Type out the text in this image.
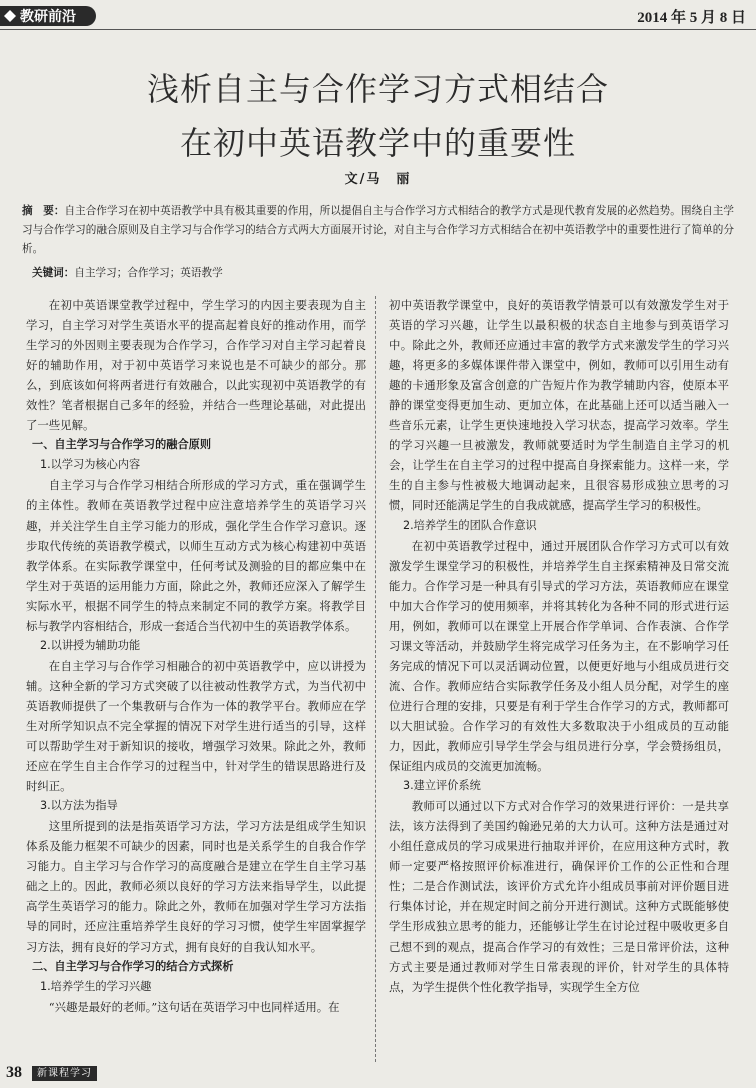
教研前沿	2014 年 5 月 8 日
浅析自主与合作学习方式相结合
在初中英语教学中的重要性
文/马　丽
摘　要：自主合作学习在初中英语教学中具有极其重要的作用，所以提倡自主与合作学习方式相结合的教学方式是现代教育发展的必然趋势。围绕自主学习与合作学习的融合原则及自主学习与合作学习的结合方式两大方面展开讨论，对自主与合作学习方式相结合在初中英语教学中的重要性进行了简单的分析。
关键词：自主学习；合作学习；英语教学

在初中英语课堂教学过程中，学生学习的内因主要表现为自主学习，自主学习对学生英语水平的提高起着良好的推动作用，而学生学习的外因则主要表现为合作学习，合作学习对自主学习起着良好的辅助作用，对于初中英语学习来说也是不可缺少的部分。那么，到底该如何将两者进行有效融合，以此实现初中英语教学的有效性？笔者根据自己多年的经验，并结合一些理论基础，对此提出了一些见解。

一、自主学习与合作学习的融合原则
1.以学习为核心内容

自主学习与合作学习相结合所形成的学习方式，重在强调学生的主体性。教师在英语教学过程中应注意培养学生的英语学习兴趣，并关注学生自主学习能力的形成，强化学生合作学习意识。逐步取代传统的英语教学模式，以师生互动方式为核心构建初中英语教学体系。在实际教学课堂中，任何考试及测验的目的都应集中在学生对于英语的运用能力方面，除此之外，教师还应深入了解学生实际水平，根据不同学生的特点来制定不同的教学方案。将教学目标与教学内容相结合，形成一套适合当代初中生的英语教学体系。

2.以讲授为辅助功能

在自主学习与合作学习相融合的初中英语教学中，应以讲授为辅。这种全新的学习方式突破了以往被动性教学方式，为当代初中英语教师提供了一个集教研与合作为一体的教学平台。教师应在学生对所学知识点不完全掌握的情况下对学生进行适当的引导，这样可以帮助学生对于新知识的接收，增强学习效果。除此之外，教师还应在学生自主合作学习的过程当中，针对学生的错误思路进行及时纠正。

3.以方法为指导

这里所提到的法是指英语学习方法，学习方法是组成学生知识体系及能力框架不可缺少的因素，同时也是关系学生的自我合作学习能力。自主学习与合作学习的高度融合是建立在学生自主学习基础之上的。因此，教师必须以良好的学习方法来指导学生，以此提高学生英语学习的能力。除此之外，教师在加强对学生学习方法指导的同时，还应注重培养学生良好的学习习惯，使学生牢固掌握学习方法，拥有良好的学习方式，拥有良好的自我认知水平。

二、自主学习与合作学习的结合方式探析
1.培养学生的学习兴趣

“兴趣是最好的老师。”这句话在英语学习中也同样适用。在

初中英语教学课堂中，良好的英语教学情景可以有效激发学生对于英语的学习兴趣，让学生以最积极的状态自主地参与到英语学习中。除此之外，教师还应通过丰富的教学方式来激发学生的学习兴趣，将更多的多媒体课件带入课堂中，例如，教师可以引用生动有趣的卡通形象及富含创意的广告短片作为教学辅助内容，使原本平静的课堂变得更加生动、更加立体，在此基础上还可以适当融入一些音乐元素，让学生更快速地投入学习状态，提高学习效率。学生的学习兴趣一旦被激发，教师就要适时为学生制造自主学习的机会，让学生在自主学习的过程中提高自身探索能力。这样一来，学生的自主参与性被极大地调动起来，且很容易形成独立思考的习惯，同时还能满足学生的自我成就感，提高学生学习的积极性。

2.培养学生的团队合作意识

在初中英语教学过程中，通过开展团队合作学习方式可以有效激发学生课堂学习的积极性，并培养学生自主探索精神及日常交流能力。合作学习是一种具有引导式的学习方法，英语教师应在课堂中加大合作学习的使用频率，并将其转化为各种不同的形式进行运用，例如，教师可以在课堂上开展合作学单词、合作表演、合作学习课文等活动，并鼓励学生将完成学习任务为主，在不影响学习任务完成的情况下可以灵活调动位置，以便更好地与小组成员进行交流、合作。教师应结合实际教学任务及小组人员分配，对学生的座位进行合理的安排，只要是有利于学生合作学习的方式，教师都可以大胆试验。合作学习的有效性大多数取决于小组成员的互动能力，因此，教师应引导学生学会与组员进行分享，学会赞扬组员，保证组内成员的交流更加流畅。

3.建立评价系统

教师可以通过以下方式对合作学习的效果进行评价：一是共享法，该方法得到了美国约翰逊兄弟的大力认可。这种方法是通过对小组任意成员的学习成果进行抽取并评价，在应用这种方式时，教师一定要严格按照评价标准进行，确保评价工作的公正性和合理性；二是合作测试法，该评价方式允许小组成员事前对评价题目进行集体讨论，并在规定时间之前分开进行测试。这种方式既能够使学生形成独立思考的能力，还能够让学生在讨论过程中吸收更多自己想不到的观点，提高合作学习的有效性；三是日常评价法，这种方式主要是通过教师对学生日常表现的评价，针对学生的具体特点，为学生提供个性化教学指导，实现学生全方位

38	新课程学习
